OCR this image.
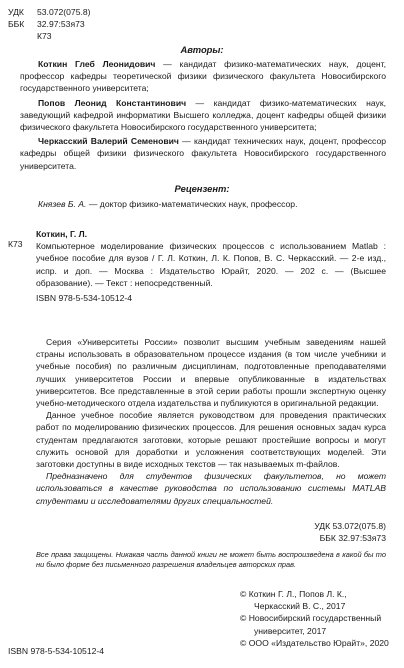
УДК 53.072(075.8)
ББК 32.97:53я73
К73
Авторы:

Коткин Глеб Леонидович — кандидат физико-математических наук, доцент, профессор кафедры теоретической физики физического факультета Новосибирского государственного университета;

Попов Леонид Константинович — кандидат физико-математических наук, заведующий кафедрой информатики Высшего колледжа, доцент кафедры общей физики физического факультета Новосибирского государственного университета;

Черкасский Валерий Семенович — кандидат технических наук, доцент, профессор кафедры общей физики физического факультета Новосибирского государственного университета.

Рецензент:
Князев Б. А. — доктор физико-математических наук, профессор.
К73
Коткин, Г. Л.

Компьютерное моделирование физических процессов с использованием Matlab : учебное пособие для вузов / Г. Л. Коткин, Л. К. Попов, В. С. Черкасский. — 2-е изд., испр. и доп. — Москва : Издательство Юрайт, 2020. — 202 с. — (Высшее образование). — Текст : непосредственный.

ISBN 978-5-534-10512-4

Серия «Университеты России» позволит высшим учебным заведениям нашей страны использовать в образовательном процессе издания (в том числе учебники и учебные пособия) по различным дисциплинам, подготовленные преподавателями лучших университетов России и впервые опубликованные в издательствах университетов. Все представленные в этой серии работы прошли экспертную оценку учебно-методического отдела издательства и публикуются в оригинальной редакции.

Данное учебное пособие является руководством для проведения практических работ по моделированию физических процессов. Для решения основных задач курса студентам предлагаются заготовки, которые решают простейшие вопросы и могут служить основой для доработки и усложнения соответствующих моделей. Эти заготовки доступны в виде исходных текстов — так называемых m-файлов.

Предназначено для студентов физических факультетов, но может использоваться в качестве руководства по использованию системы MATLAB студентами и исследователями других специальностей.

УДК 53.072(075.8)
ББК 32.97:53я73
Все права защищены. Никакая часть данной книги не может быть воспроизведена в какой бы то ни было форме без письменного разрешения владельцев авторских прав.
© Коткин Г. Л., Попов Л. К.,
Черкасский В. С., 2017
© Новосибирский государственный
университет, 2017
© ООО «Издательство Юрайт», 2020
ISBN 978-5-534-10512-4
